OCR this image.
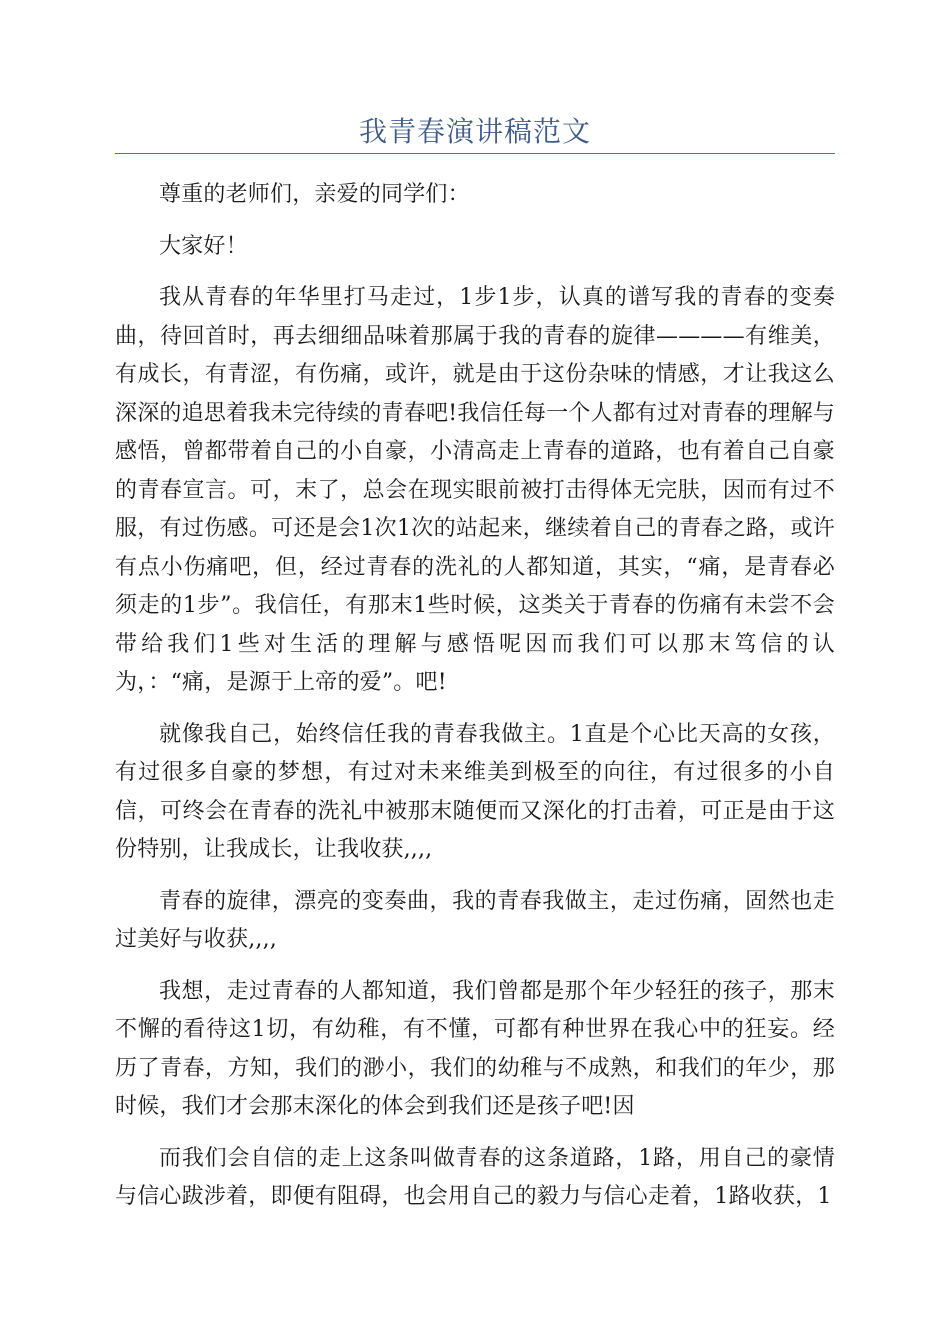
我青春演讲稿范文

尊重的老师们，亲爱的同学们：

大家好！

我从青春的年华里打马走过，1步1步，认真的谱写我的青春的变奏曲，待回首时，再去细细品味着那属于我的青春的旋律————有维美，有成长，有青涩，有伤痛，或许，就是由于这份杂味的情感，才让我这么深深的追思着我未完待续的青春吧!我信任每一个人都有过对青春的理解与感悟，曾都带着自己的小自豪，小清高走上青春的道路，也有着自己自豪的青春宣言。可，末了，总会在现实眼前被打击得体无完肤，因而有过不服，有过伤感。可还是会1次1次的站起来，继续着自己的青春之路，或许有点小伤痛吧，但，经过青春的洗礼的人都知道，其实，“痛，是青春必须走的1步”。我信任，有那末1些时候，这类关于青春的伤痛有未尝不会带给我们1些对生活的理解与感悟呢因而我们可以那末笃信的认为，：“痛，是源于上帝的爱”。吧!

就像我自己，始终信任我的青春我做主。1直是个心比天高的女孩，有过很多自豪的梦想，有过对未来维美到极至的向往，有过很多的小自信，可终会在青春的洗礼中被那末随便而又深化的打击着，可正是由于这份特别，让我成长，让我收获,,,,

青春的旋律，漂亮的变奏曲，我的青春我做主，走过伤痛，固然也走过美好与收获,,,,

我想，走过青春的人都知道，我们曾都是那个年少轻狂的孩子，那末不懈的看待这1切，有幼稚，有不懂，可都有种世界在我心中的狂妄。经历了青春，方知，我们的渺小，我们的幼稚与不成熟，和我们的年少，那时候，我们才会那末深化的体会到我们还是孩子吧!因

而我们会自信的走上这条叫做青春的这条道路，1路，用自己的豪情与信心跋涉着，即便有阻碍，也会用自己的毅力与信心走着，1路收获，1
